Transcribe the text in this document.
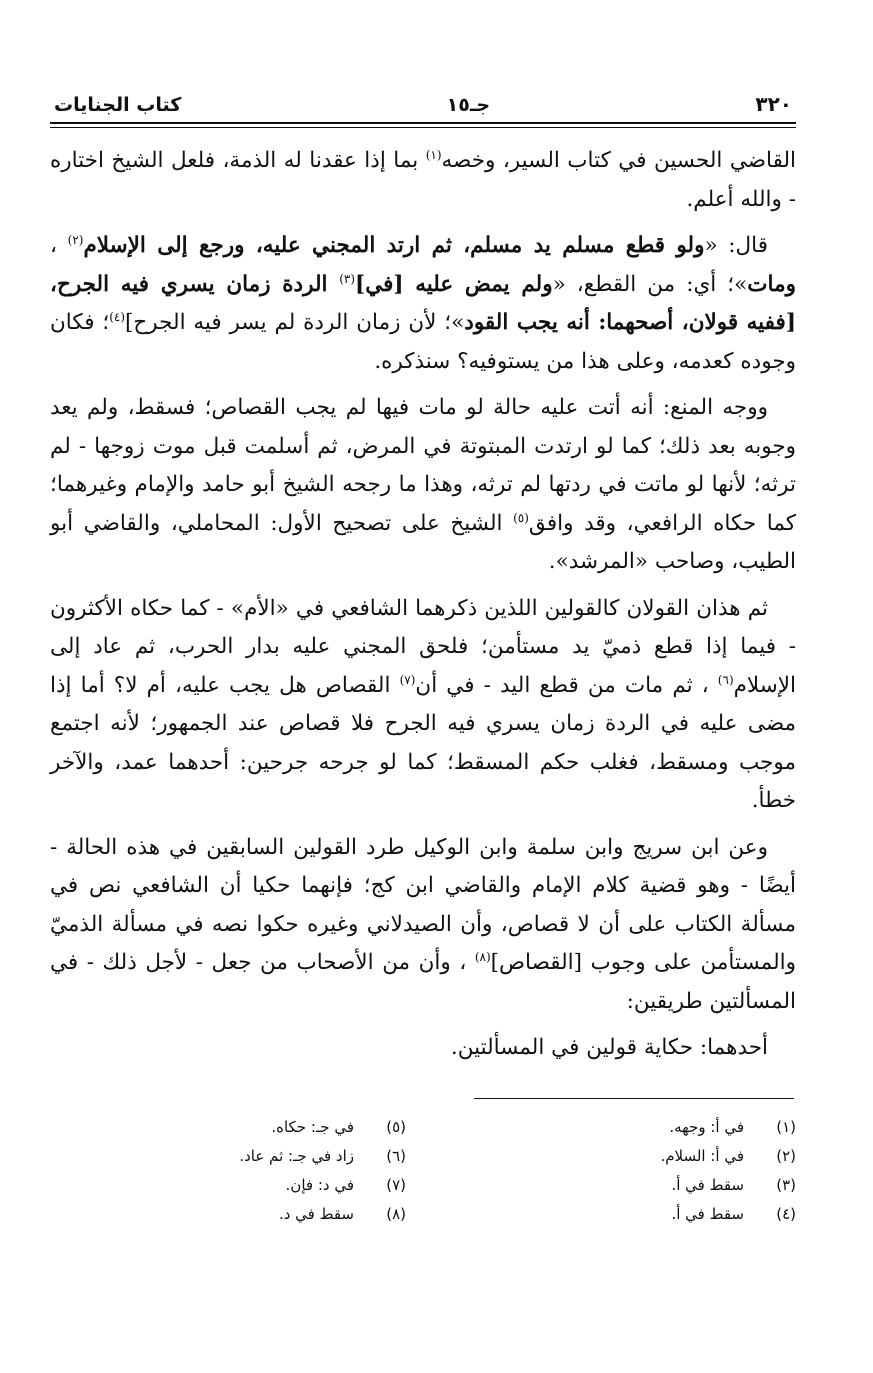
٣٢٠
جـ١٥
كتاب الجنايات

القاضي الحسين في كتاب السير، وخصه$^{(١)}$ بما إذا عقدنا له الذمة، فلعل الشيخ اختاره - والله أعلم.

قال: «ولو قطع مسلم يد مسلم، ثم ارتد المجني عليه، ورجع إلى الإسلام$^{(٢)}$ ، ومات»؛ أي: من القطع، «ولم يمض عليه [في]$^{(٣)}$ الردة زمان يسري فيه الجرح، [ففيه قولان، أصحهما: أنه يجب القود»؛ لأن زمان الردة لم يسر فيه الجرح]$^{(٤)}$؛ فكان وجوده كعدمه، وعلى هذا من يستوفيه؟ سنذكره.

ووجه المنع: أنه أتت عليه حالة لو مات فيها لم يجب القصاص؛ فسقط، ولم يعد وجوبه بعد ذلك؛ كما لو ارتدت المبتوتة في المرض، ثم أسلمت قبل موت زوجها - لم ترثه؛ لأنها لو ماتت في ردتها لم ترثه، وهذا ما رجحه الشيخ أبو حامد والإمام وغيرهما؛ كما حكاه الرافعي، وقد وافق$^{(٥)}$ الشيخ على تصحيح الأول: المحاملي، والقاضي أبو الطيب، وصاحب «المرشد».

ثم هذان القولان كالقولين اللذين ذكرهما الشافعي في «الأم» - كما حكاه الأكثرون - فيما إذا قطع ذميّ يد مستأمن؛ فلحق المجني عليه بدار الحرب، ثم عاد إلى الإسلام$^{(٦)}$ ، ثم مات من قطع اليد - في أن$^{(٧)}$ القصاص هل يجب عليه، أم لا؟ أما إذا مضى عليه في الردة زمان يسري فيه الجرح فلا قصاص عند الجمهور؛ لأنه اجتمع موجب ومسقط، فغلب حكم المسقط؛ كما لو جرحه جرحين: أحدهما عمد، والآخر خطأ.

وعن ابن سريج وابن سلمة وابن الوكيل طرد القولين السابقين في هذه الحالة - أيضًا - وهو قضية كلام الإمام والقاضي ابن كج؛ فإنهما حكيا أن الشافعي نص في مسألة الكتاب على أن لا قصاص، وأن الصيدلاني وغيره حكوا نصه في مسألة الذميّ والمستأمن على وجوب [القصاص]$^{(٨)}$ ، وأن من الأصحاب من جعل - لأجل ذلك - في المسألتين طريقين:

أحدهما: حكاية قولين في المسألتين.

(١)
في أ: وجهه.
(٢)
في أ: السلام.
(٣)
سقط في أ.
(٤)
سقط في أ.
(٥)
في جـ: حكاه.
(٦)
زاد في جـ: ثم عاد.
(٧)
في د: فإن.
(٨)
سقط في د.
